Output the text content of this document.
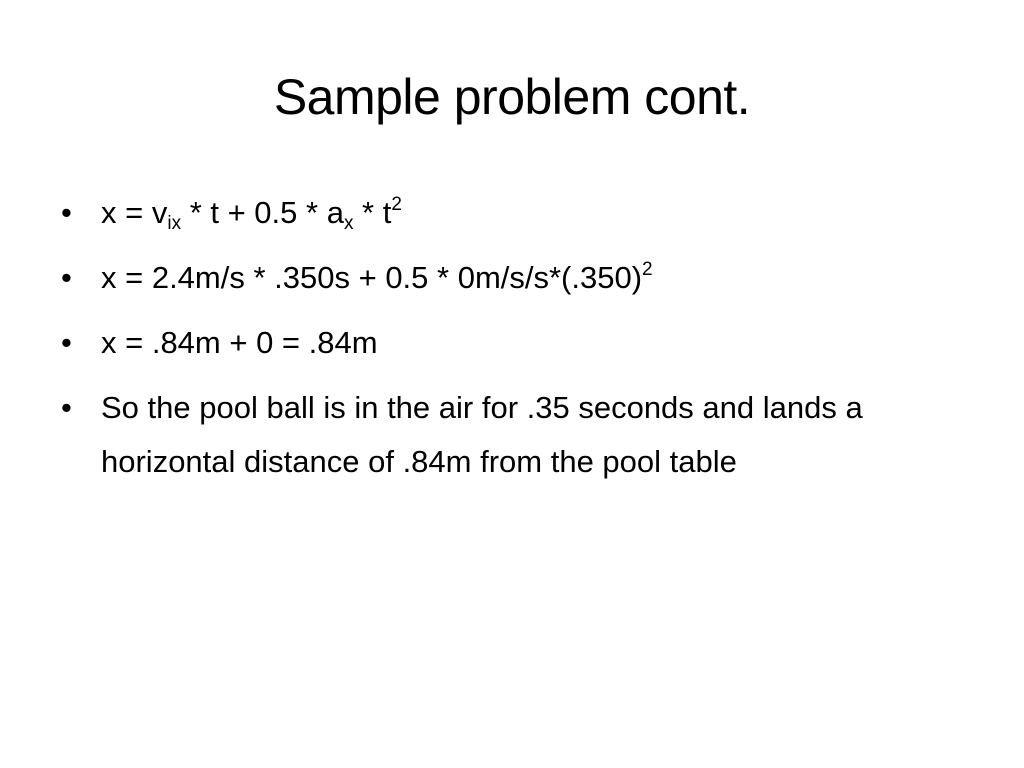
Sample problem cont.
• $x = v_{ix} * t + 0.5 * a_x * t^2$
• $x = 2.4m/s * .350s + 0.5 * 0m/s/s*(.350)^2$
• x = .84m + 0 = .84m
• So the pool ball is in the air for .35 seconds and lands a horizontal distance of .84m from the pool table
